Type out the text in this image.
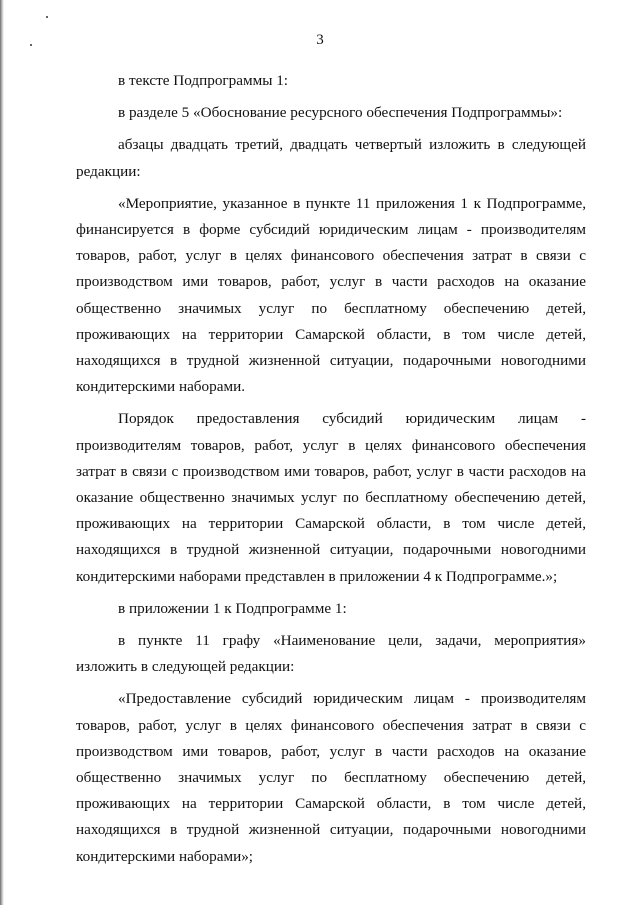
3

в тексте Подпрограммы 1:

в разделе 5 «Обоснование ресурсного обеспечения Подпрограммы»:

абзацы двадцать третий, двадцать четвертый изложить в следующей редакции:

«Мероприятие, указанное в пункте 11 приложения 1 к Подпрограмме, финансируется в форме субсидий юридическим лицам - производителям товаров, работ, услуг в целях финансового обеспечения затрат в связи с производством ими товаров, работ, услуг в части расходов на оказание общественно значимых услуг по бесплатному обеспечению детей, проживающих на территории Самарской области, в том числе детей, находящихся в трудной жизненной ситуации, подарочными новогодними кондитерскими наборами.

Порядок предоставления субсидий юридическим лицам - производителям товаров, работ, услуг в целях финансового обеспечения затрат в связи с производством ими товаров, работ, услуг в части расходов на оказание общественно значимых услуг по бесплатному обеспечению детей, проживающих на территории Самарской области, в том числе детей, находящихся в трудной жизненной ситуации, подарочными новогодними кондитерскими наборами представлен в приложении 4 к Подпрограмме.»;

в приложении 1 к Подпрограмме 1:

в пункте 11 графу «Наименование цели, задачи, мероприятия» изложить в следующей редакции:

«Предоставление субсидий юридическим лицам - производителям товаров, работ, услуг в целях финансового обеспечения затрат в связи с производством ими товаров, работ, услуг в части расходов на оказание общественно значимых услуг по бесплатному обеспечению детей, проживающих на территории Самарской области, в том числе детей, находящихся в трудной жизненной ситуации, подарочными новогодними кондитерскими наборами»;
